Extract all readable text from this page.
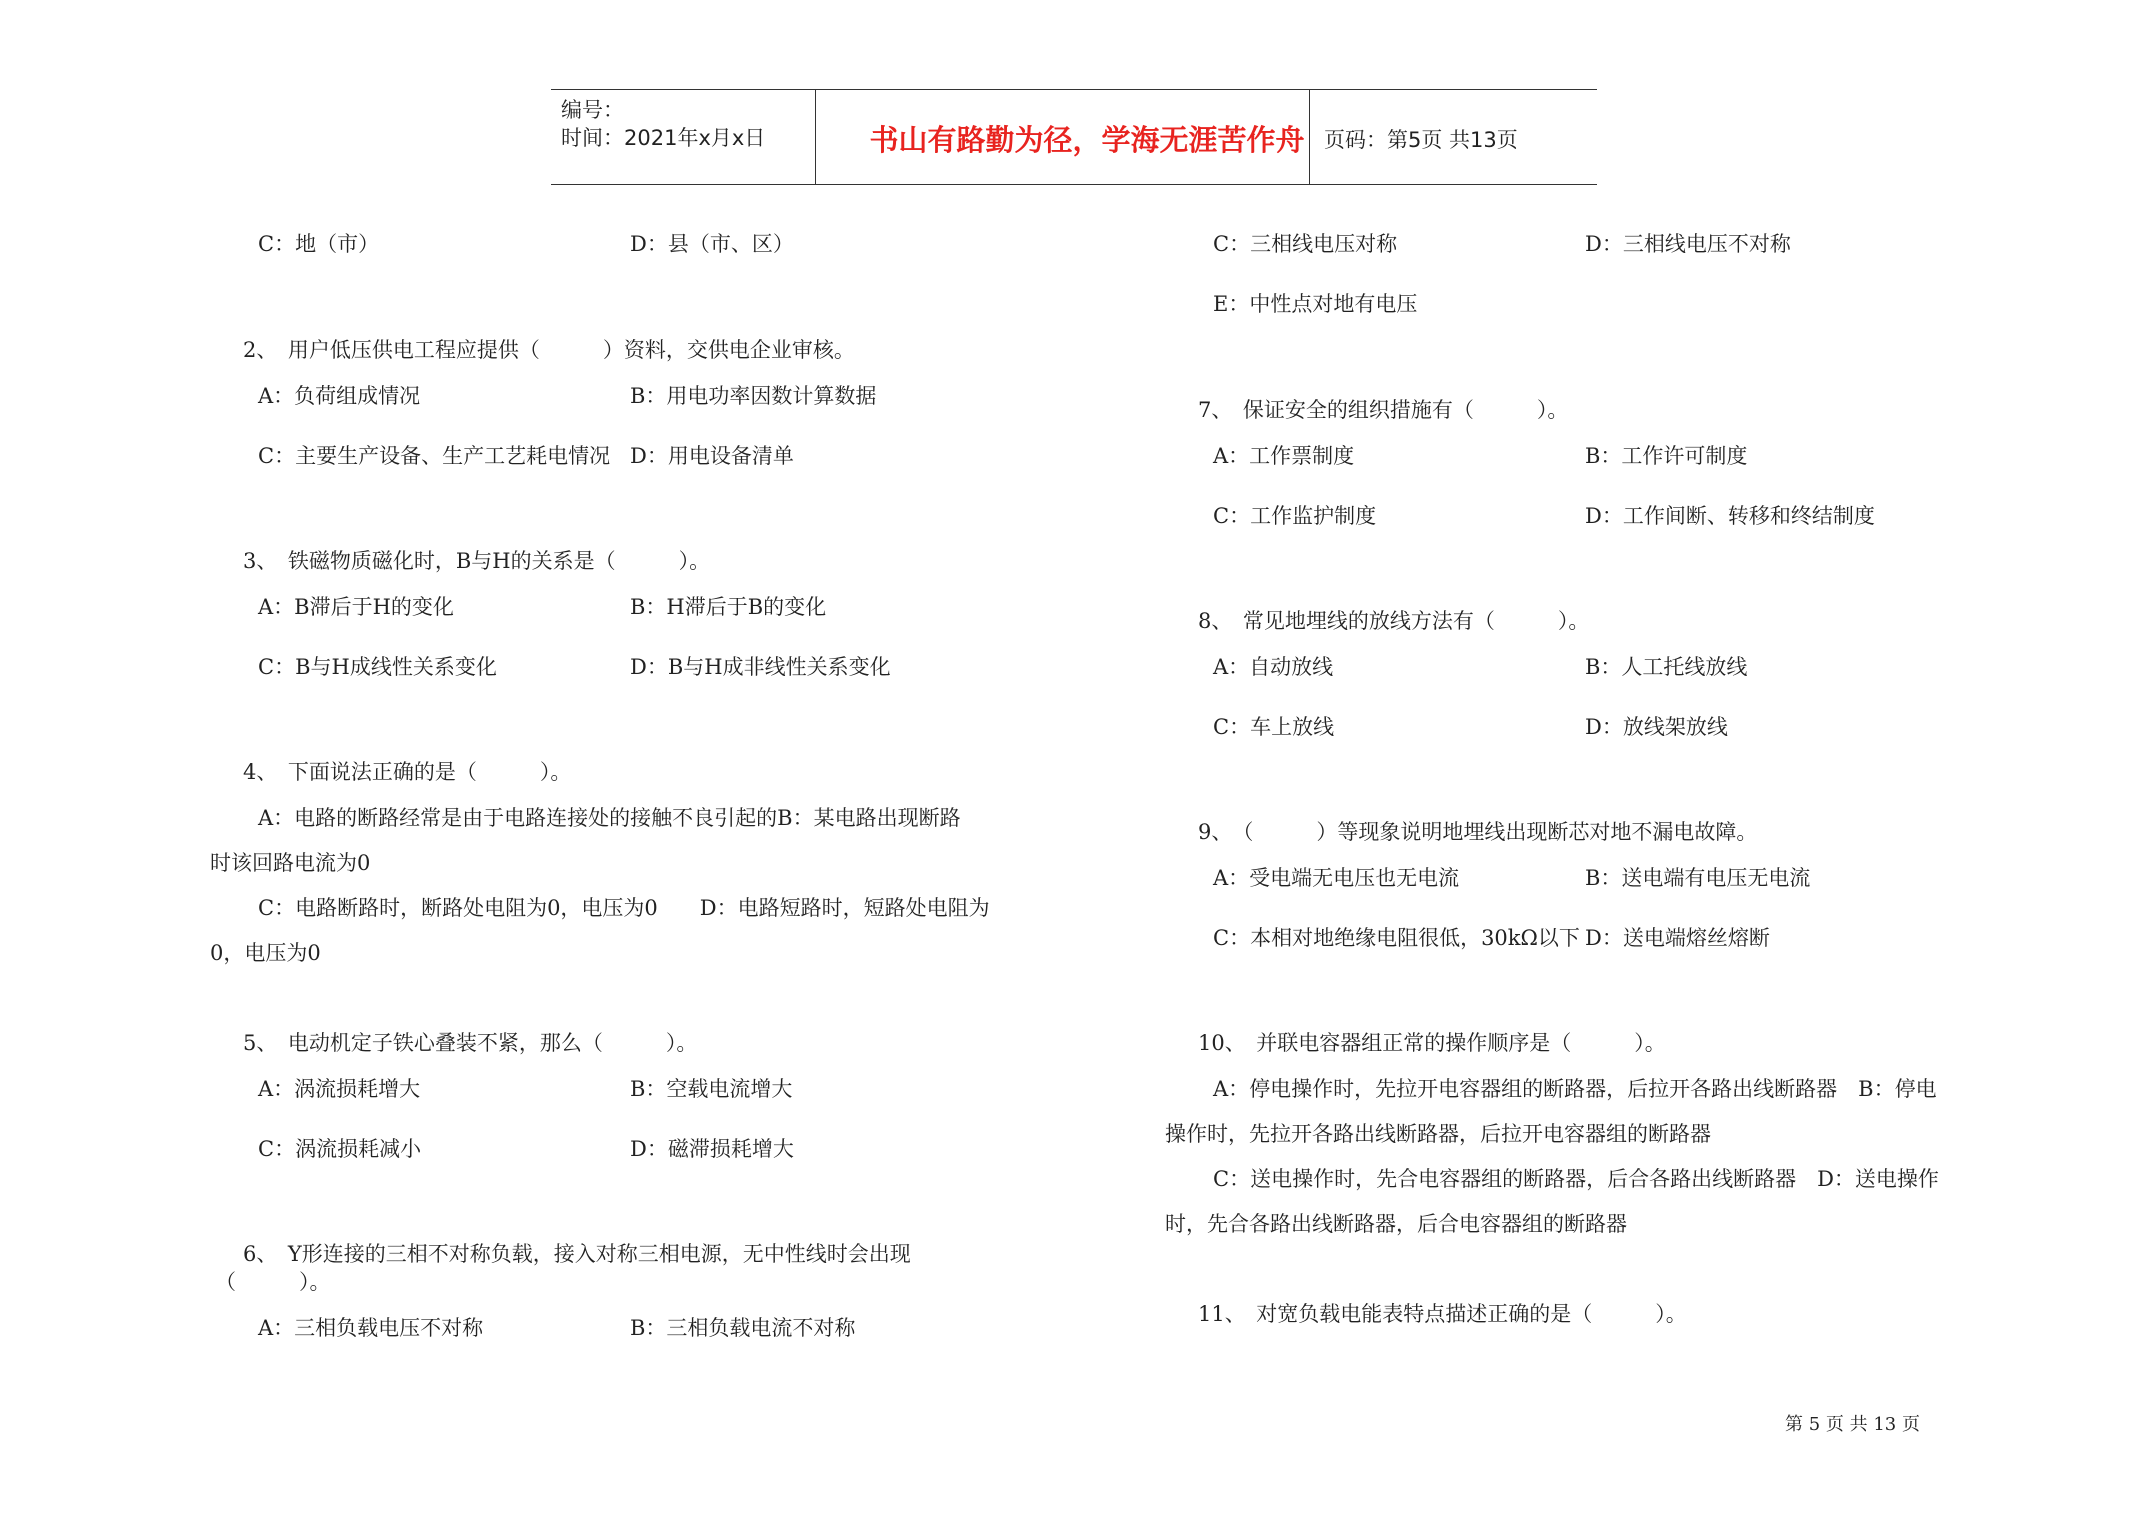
编号：
时间：2021年x月x日	书山有路勤为径，学海无涯苦作舟 页码：第5页 共13页
C：地（市）	D：县（市、区）
2、　用户低压供电工程应提供（　　　）资料，交供电企业审核。
A：负荷组成情况	B：用电功率因数计算数据
C：主要生产设备、生产工艺耗电情况 D：用电设备清单
3、　铁磁物质磁化时，B与H的关系是（　　　）。
A：B滞后于H的变化	B：H滞后于B的变化
C：B与H成线性关系变化	D：B与H成非线性关系变化
4、　下面说法正确的是（　　　）。
A：电路的断路经常是由于电路连接处的接触不良引起的B：某电路出现断路
时该回路电流为0
C：电路断路时，断路处电阻为0，电压为0　　D：电路短路时，短路处电阻为
0，电压为0
5、　电动机定子铁心叠装不紧，那么（　　　）。
A：涡流损耗增大	B：空载电流增大
C：涡流损耗减小	D：磁滞损耗增大
6、　Y形连接的三相不对称负载，接入对称三相电源，无中性线时会出现
（　　　）。
A：三相负载电压不对称	B：三相负载电流不对称
C：三相线电压对称	D：三相线电压不对称
E：中性点对地有电压
7、　保证安全的组织措施有（　　　）。
A：工作票制度	B：工作许可制度
C：工作监护制度	D：工作间断、转移和终结制度
8、　常见地埋线的放线方法有（　　　）。
A：自动放线	B：人工托线放线
C：车上放线	D：放线架放线
9、　（　　　）等现象说明地埋线出现断芯对地不漏电故障。
A：受电端无电压也无电流	B：送电端有电压无电流
C：本相对地绝缘电阻很低，30kΩ以下 D：送电端熔丝熔断
10、　并联电容器组正常的操作顺序是（　　　）。
A：停电操作时，先拉开电容器组的断路器，后拉开各路出线断路器　B：停电
操作时，先拉开各路出线断路器，后拉开电容器组的断路器
C：送电操作时，先合电容器组的断路器，后合各路出线断路器　D：送电操作
时，先合各路出线断路器，后合电容器组的断路器
11、　对宽负载电能表特点描述正确的是（　　　）。
第 5 页 共 13 页
